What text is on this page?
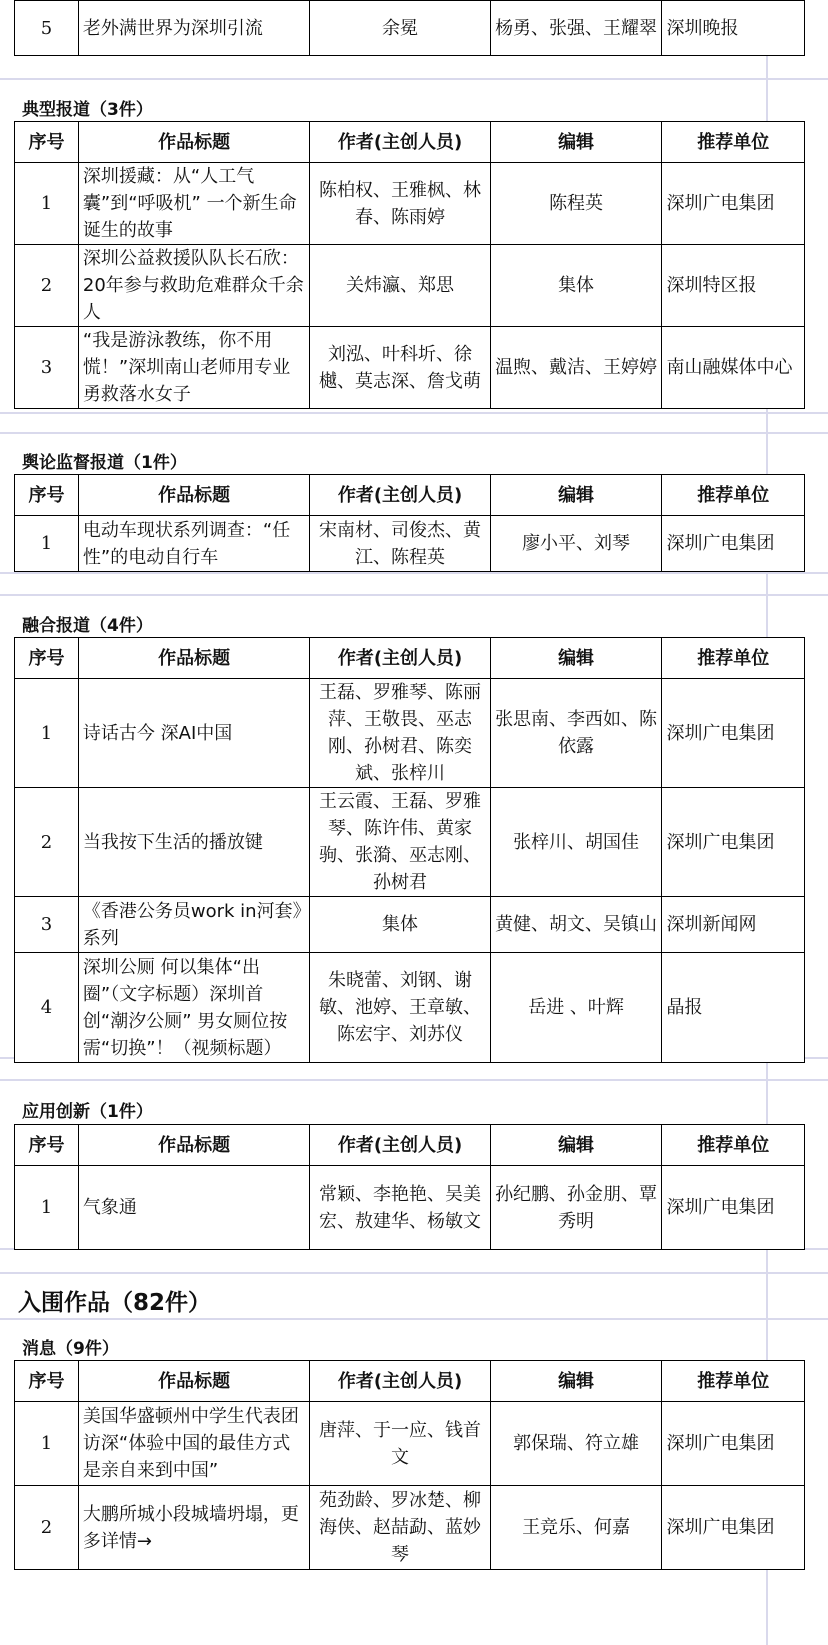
5	老外满世界为深圳引流	余冕	杨勇、张强、王耀翠	深圳晚报
典型报道（3件）
序号	作品标题	作者(主创人员)	编辑	推荐单位
1	深圳援藏：从“人工气囊”到“呼吸机” 一个新生命诞生的故事	陈柏权、王雅枫、林春、陈雨婷	陈程英	深圳广电集团
2	深圳公益救援队队长石欣：20年参与救助危难群众千余人	关炜瀛、郑思	集体	深圳特区报
3	“我是游泳教练，你不用慌！”深圳南山老师用专业勇救落水女子	刘泓、叶科圻、徐樾、莫志深、詹戈萌	温煦、戴洁、王婷婷	南山融媒体中心
舆论监督报道（1件）
序号	作品标题	作者(主创人员)	编辑	推荐单位
1	电动车现状系列调查：“任性”的电动自行车	宋南材、司俊杰、黄江、陈程英	廖小平、刘琴	深圳广电集团
融合报道（4件）
序号	作品标题	作者(主创人员)	编辑	推荐单位
1	诗话古今 深AI中国	王磊、罗雅琴、陈丽萍、王敬畏、巫志刚、孙树君、陈奕斌、张梓川	张思南、李西如、陈依露	深圳广电集团
2	当我按下生活的播放键	王云霞、王磊、罗雅琴、陈许伟、黄家驹、张漪、巫志刚、孙树君	张梓川、胡国佳	深圳广电集团
3	《香港公务员work in河套》系列	集体	黄健、胡文、吴镇山	深圳新闻网
4	深圳公厕 何以集体“出圈”（文字标题）深圳首创“潮汐公厕” 男女厕位按需“切换”！（视频标题）	朱晓蕾、刘钢、谢敏、池婷、王章敏、陈宏宇、刘苏仪	岳进 、叶辉	晶报
应用创新（1件）
序号	作品标题	作者(主创人员)	编辑	推荐单位
1	气象通	常颖、李艳艳、吴美宏、敖建华、杨敏文	孙纪鹏、孙金朋、覃秀明	深圳广电集团
入围作品（82件）
消息（9件）
序号	作品标题	作者(主创人员)	编辑	推荐单位
1	美国华盛顿州中学生代表团访深“体验中国的最佳方式是亲自来到中国”	唐萍、于一应、钱首文	郭保瑞、符立雄	深圳广电集团
2	大鹏所城小段城墙坍塌，更多详情→	苑劲龄、罗冰楚、柳海侠、赵喆勐、蓝妙琴	王竞乐、何嘉	深圳广电集团
